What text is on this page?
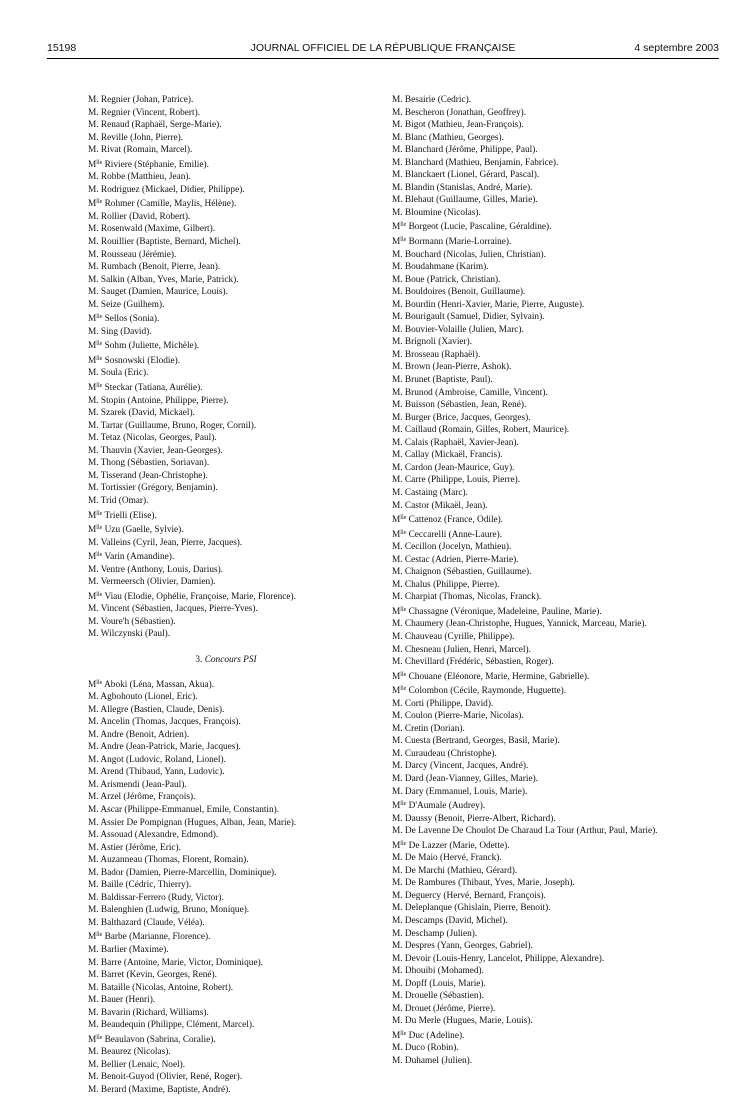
15198	JOURNAL OFFICIEL DE LA RÉPUBLIQUE FRANÇAISE	4 septembre 2003
M. Regnier (Johan, Patrice).
M. Regnier (Vincent, Robert).
M. Renaud (Raphaël, Serge-Marie).
M. Reville (John, Pierre).
M. Rivat (Romain, Marcel).
$M^{lle}$ Riviere (Stéphanie, Emilie).
M. Robbe (Matthieu, Jean).
M. Rodriguez (Mickael, Didier, Philippe).
$M^{lle}$ Rohmer (Camille, Maylis, Hélène).
M. Rollier (David, Robert).
M. Rosenwald (Maxime, Gilbert).
M. Rouillier (Baptiste, Bernard, Michel).
M. Rousseau (Jérémie).
M. Rumbach (Benoit, Pierre, Jean).
M. Salkin (Alban, Yves, Marie, Patrick).
M. Sauget (Damien, Maurice, Louis).
M. Seize (Guilhem).
$M^{lle}$ Sellos (Sonia).
M. Sing (David).
$M^{lle}$ Sohm (Juliette, Michèle).
$M^{lle}$ Sosnowski (Elodie).
M. Soula (Eric).
$M^{lle}$ Steckar (Tatiana, Aurélie).
M. Stopin (Antoine, Philippe, Pierre).
M. Szarek (David, Mickael).
M. Tartar (Guillaume, Bruno, Roger, Cornil).
M. Tetaz (Nicolas, Georges, Paul).
M. Thauvin (Xavier, Jean-Georges).
M. Thong (Sébastien, Soriavan).
M. Tisserand (Jean-Christophe).
M. Tortissier (Grégory, Benjamin).
M. Trid (Omar).
$M^{lle}$ Trielli (Elise).
$M^{lle}$ Uzu (Gaelle, Sylvie).
M. Valleins (Cyril, Jean, Pierre, Jacques).
$M^{lle}$ Varin (Amandine).
M. Ventre (Anthony, Louis, Darius).
M. Vermeersch (Olivier, Damien).
$M^{lle}$ Viau (Elodie, Ophélie, Françoise, Marie, Florence).
M. Vincent (Sébastien, Jacques, Pierre-Yves).
M. Voure'h (Sébastien).
M. Wilczynski (Paul).
3. Concours PSI
$M^{lle}$ Aboki (Léna, Massan, Akua).
M. Agbohouto (Lionel, Eric).
M. Allegre (Bastien, Claude, Denis).
M. Ancelin (Thomas, Jacques, François).
M. Andre (Benoit, Adrien).
M. Andre (Jean-Patrick, Marie, Jacques).
M. Angot (Ludovic, Roland, Lionel).
M. Arend (Thibaud, Yann, Ludovic).
M. Arismendi (Jean-Paul).
M. Arzel (Jérôme, François).
M. Ascar (Philippe-Emmanuel, Emile, Constantin).
M. Assier De Pompignan (Hugues, Alban, Jean, Marie).
M. Assouad (Alexandre, Edmond).
M. Astier (Jérôme, Eric).
M. Auzanneau (Thomas, Florent, Romain).
M. Bador (Damien, Pierre-Marcellin, Dominique).
M. Baille (Cédric, Thierry).
M. Baldissar-Ferrero (Rudy, Victor).
M. Balenghien (Ludwig, Bruno, Monique).
M. Balthazard (Claude, Véléa).
$M^{lle}$ Barbe (Marianne, Florence).
M. Barlier (Maxime).
M. Barre (Antoine, Marie, Victor, Dominique).
M. Barret (Kevin, Georges, René).
M. Bataille (Nicolas, Antoine, Robert).
M. Bauer (Henri).
M. Bavarin (Richard, Williams).
M. Beaudequin (Philippe, Clément, Marcel).
$M^{lle}$ Beaulavon (Sabrina, Coralie).
M. Beaurez (Nicolas).
M. Bellier (Lenaic, Noel).
M. Benoit-Guyod (Olivier, René, Roger).
M. Berard (Maxime, Baptiste, André).
M. Besairie (Cedric).
M. Bescheron (Jonathan, Geoffrey).
M. Bigot (Mathieu, Jean-François).
M. Blanc (Mathieu, Georges).
M. Blanchard (Jérôme, Philippe, Paul).
M. Blanchard (Mathieu, Benjamin, Fabrice).
M. Blanckaert (Lionel, Gérard, Pascal).
M. Blandin (Stanislas, André, Marie).
M. Blehaut (Guillaume, Gilles, Marie).
M. Bloumine (Nicolas).
$M^{lle}$ Borgeot (Lucie, Pascaline, Géraldine).
$M^{lle}$ Bormann (Marie-Lorraine).
M. Bouchard (Nicolas, Julien, Christian).
M. Boudahmane (Karim).
M. Boue (Patrick, Christian).
M. Bouldoires (Benoit, Guillaume).
M. Bourdin (Henri-Xavier, Marie, Pierre, Auguste).
M. Bourigault (Samuel, Didier, Sylvain).
M. Bouvier-Volaille (Julien, Marc).
M. Brignoli (Xavier).
M. Brosseau (Raphaël).
M. Brown (Jean-Pierre, Ashok).
M. Brunet (Baptiste, Paul).
M. Brunod (Ambroise, Camille, Vincent).
M. Buisson (Sébastien, Jean, René).
M. Burger (Brice, Jacques, Georges).
M. Caillaud (Romain, Gilles, Robert, Maurice).
M. Calais (Raphaël, Xavier-Jean).
M. Callay (Mickaël, Francis).
M. Cardon (Jean-Maurice, Guy).
M. Carre (Philippe, Louis, Pierre).
M. Castaing (Marc).
M. Castor (Mikaël, Jean).
$M^{lle}$ Cattenoz (France, Odile).
$M^{lle}$ Ceccarelli (Anne-Laure).
M. Cecillon (Jocelyn, Mathieu).
M. Cestac (Adrien, Pierre-Marie).
M. Chaignon (Sébastien, Guillaume).
M. Chalus (Philippe, Pierre).
M. Charpiat (Thomas, Nicolas, Franck).
$M^{lle}$ Chassagne (Véronique, Madeleine, Pauline, Marie).
M. Chaumery (Jean-Christophe, Hugues, Yannick, Marceau, Marie).
M. Chauveau (Cyrille, Philippe).
M. Chesneau (Julien, Henri, Marcel).
M. Chevillard (Frédéric, Sébastien, Roger).
$M^{lle}$ Chouane (Eléonore, Marie, Hermine, Gabrielle).
$M^{lle}$ Colombon (Cécile, Raymonde, Huguette).
M. Corti (Philippe, David).
M. Coulon (Pierre-Marie, Nicolas).
M. Cretin (Dorian).
M. Cuesta (Bertrand, Georges, Basil, Marie).
M. Curaudeau (Christophe).
M. Darcy (Vincent, Jacques, André).
M. Dard (Jean-Vianney, Gilles, Marie).
M. Dary (Emmanuel, Louis, Marie).
$M^{lle}$ D'Aumale (Audrey).
M. Daussy (Benoit, Pierre-Albert, Richard).
M. De Lavenne De Choulot De Charaud La Tour (Arthur, Paul, Marie).
$M^{lle}$ De Lazzer (Marie, Odette).
M. De Maio (Hervé, Franck).
M. De Marchi (Mathieu, Gérard).
M. De Rambures (Thibaut, Yves, Marie, Joseph).
M. Deguercy (Hervé, Bernard, François).
M. Deleplanque (Ghislain, Pierre, Benoit).
M. Descamps (David, Michel).
M. Deschamp (Julien).
M. Despres (Yann, Georges, Gabriel).
M. Devoir (Louis-Henry, Lancelot, Philippe, Alexandre).
M. Dhouibi (Mohamed).
M. Dopff (Louis, Marie).
M. Drouelle (Sébastien).
M. Drouet (Jérôme, Pierre).
M. Du Merle (Hugues, Marie, Louis).
$M^{lle}$ Duc (Adeline).
M. Duco (Robin).
M. Duhamel (Julien).
